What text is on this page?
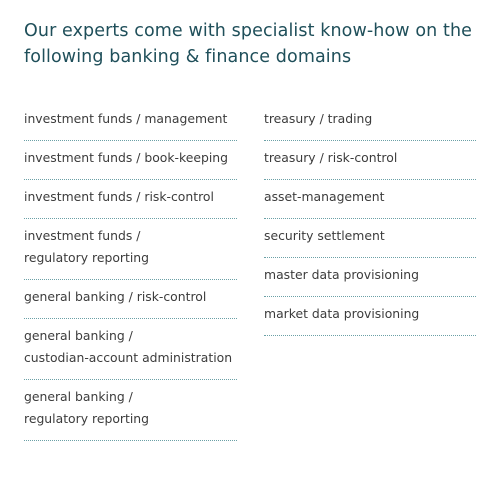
Our experts come with specialist know-how on the
following banking & finance domains
investment funds / management
investment funds / book-keeping
investment funds / risk-control
investment funds /
regulatory reporting
general banking / risk-control
general banking /
custodian-account administration
general banking /
regulatory reporting
treasury / trading
treasury / risk-control
asset-management
security settlement
master data provisioning
market data provisioning
